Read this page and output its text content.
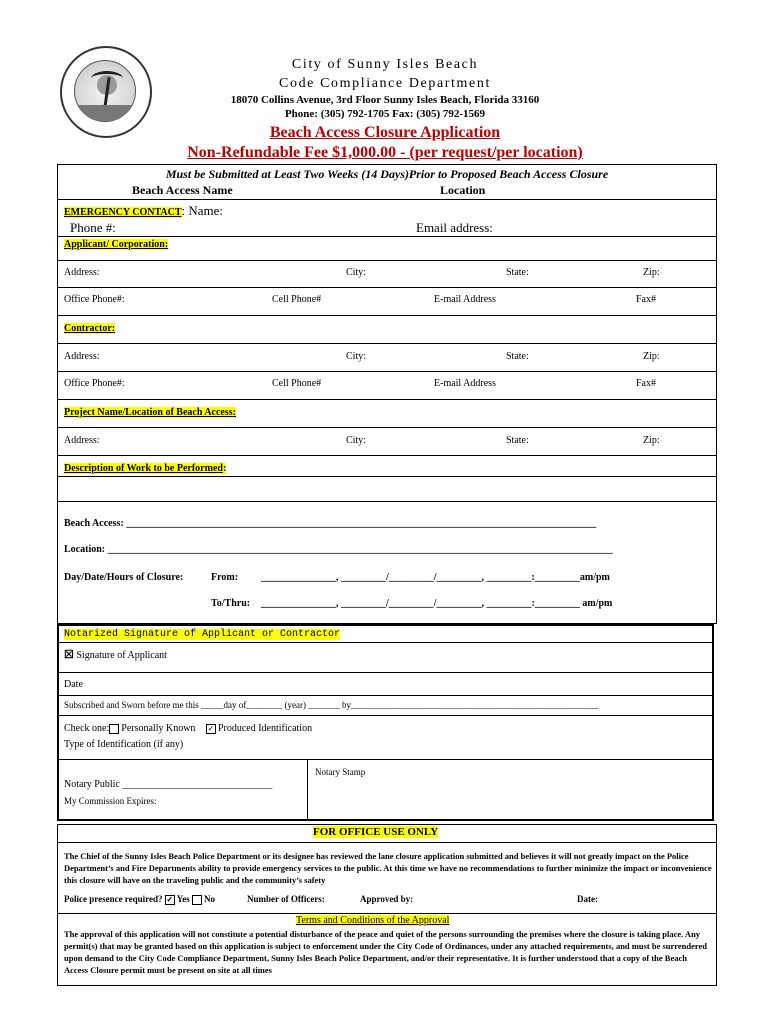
City of Sunny Isles Beach
Code Compliance Department
18070 Collins Avenue, 3rd Floor Sunny Isles Beach, Florida 33160
Phone: (305) 792-1705 Fax: (305) 792-1569
Beach Access Closure Application
Non-Refundable Fee $1,000.00 - (per request/per location)
Must be Submitted at Least Two Weeks (14 Days)Prior to Proposed Beach Access Closure
Beach Access Name	Location
EMERGENCY CONTACT: Name:
Phone #:	Email address:
Applicant/ Corporation:
Address:	City:	State:	Zip:
Office Phone#:	Cell Phone#	E-mail Address	Fax#
Contractor:
Address:	City:	State:	Zip:
Office Phone#:	Cell Phone#	E-mail Address	Fax#
Project Name/Location of Beach Access:
Address:	City:	State:	Zip:
Description of Work to be Performed:
Beach Access: ______________________________________________________________________________________________
Location: _____________________________________________________________________________________________________
Day/Date/Hours of Closure:	From: _______________, _________/_________/_________, _________:_________am/pm
To/Thru: _______________, _________/_________/_________, _________:_________ am/pm
Notarized Signature of Applicant or Contractor
☒ Signature of Applicant
Date
Subscribed and Sworn before me this _____day of________ (year) _______ by_______________________________________________________
Check one: Personally Known ✓ Produced Identification
Type of Identification (if any)
Notary Stamp
Notary Public ______________________________
My Commission Expires:
FOR OFFICE USE ONLY
The Chief of the Sunny Isles Beach Police Department or its designee has reviewed the lane closure application submitted and believes it will not greatly impact on the Police Department’s and Fire Departments ability to provide emergency services to the public. At this time we have no recommendations to further minimize the impact or inconvenience this closure will have on the traveling public and the community’s safety
Police presence required? ✓ Yes No	Number of Officers:	Approved by:	Date:
Terms and Conditions of the Approval
The approval of this application will not constitute a potential disturbance of the peace and quiet of the persons surrounding the premises where the closure is taking place. Any permit(s) that may be granted based on this application is subject to enforcement under the City Code of Ordinances, under any attached requirements, and must be surrendered upon demand to the City Code Compliance Department, Sunny Isles Beach Police Department, and/or their representative. It is further understood that a copy of the Beach Access Closure permit must be present on site at all times
